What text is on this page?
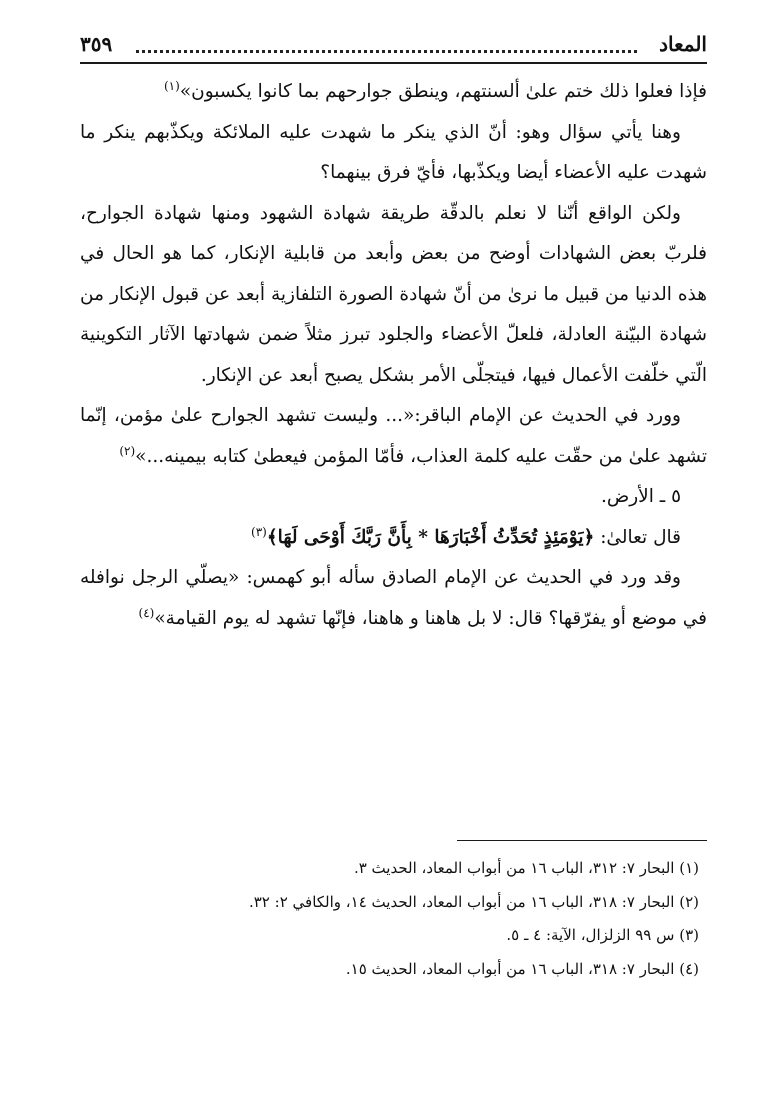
المعاد
٣٥٩

فإذا فعلوا ذلك ختم علىٰ ألسنتهم، وينطق جوارحهم بما كانوا يكسبون»$^{(١)}$

وهنا يأتي سؤال وهو: أنّ الذي ينكر ما شهدت عليه الملائكة ويكذّبهم ينكر ما شهدت عليه الأعضاء أيضا ويكذّبها، فأيّ فرق بينهما؟

ولكن الواقع أنّنا لا نعلم بالدقّة طريقة شهادة الشهود ومنها شهادة الجوارح، فلربّ بعض الشهادات أوضح من بعض وأبعد من قابلية الإنكار، كما هو الحال في هذه الدنيا من قبيل ما نرىٰ من أنّ شهادة الصورة التلفازية أبعد عن قبول الإنكار من شهادة البيّنة العادلة، فلعلّ الأعضاء والجلود تبرز مثلاً ضمن شهادتها الآثار التكوينية الّتي خلّفت الأعمال فيها، فيتجلّى الأمر بشكل يصبح أبعد عن الإنكار.

وورد في الحديث عن الإمام الباقر:«... وليست تشهد الجوارح علىٰ مؤمن، إنّما تشهد علىٰ من حقّت عليه كلمة العذاب، فأمّا المؤمن فيعطىٰ كتابه بيمينه...»$^{(٢)}$

٥ ـ الأرض.

قال تعالىٰ: ﴿يَوْمَئِذٍ تُحَدِّثُ أَخْبَارَهَا * بِأَنَّ رَبَّكَ أَوْحَى لَهَا﴾$^{(٣)}$

وقد ورد في الحديث عن الإمام الصادق سأله أبو كهمس: «يصلّي الرجل نوافله في موضع أو يفرّقها؟ قال: لا بل هاهنا و هاهنا، فإنّها تشهد له يوم القيامة»$^{(٤)}$

(١) البحار ٧: ٣١٢، الباب ١٦ من أبواب المعاد، الحديث ٣.

(٢) البحار ٧: ٣١٨، الباب ١٦ من أبواب المعاد، الحديث ١٤، والكافي ٢: ٣٢.

(٣) س ٩٩ الزلزال، الآية: ٤ ـ ٥.

(٤) البحار ٧: ٣١٨، الباب ١٦ من أبواب المعاد، الحديث ١٥.
